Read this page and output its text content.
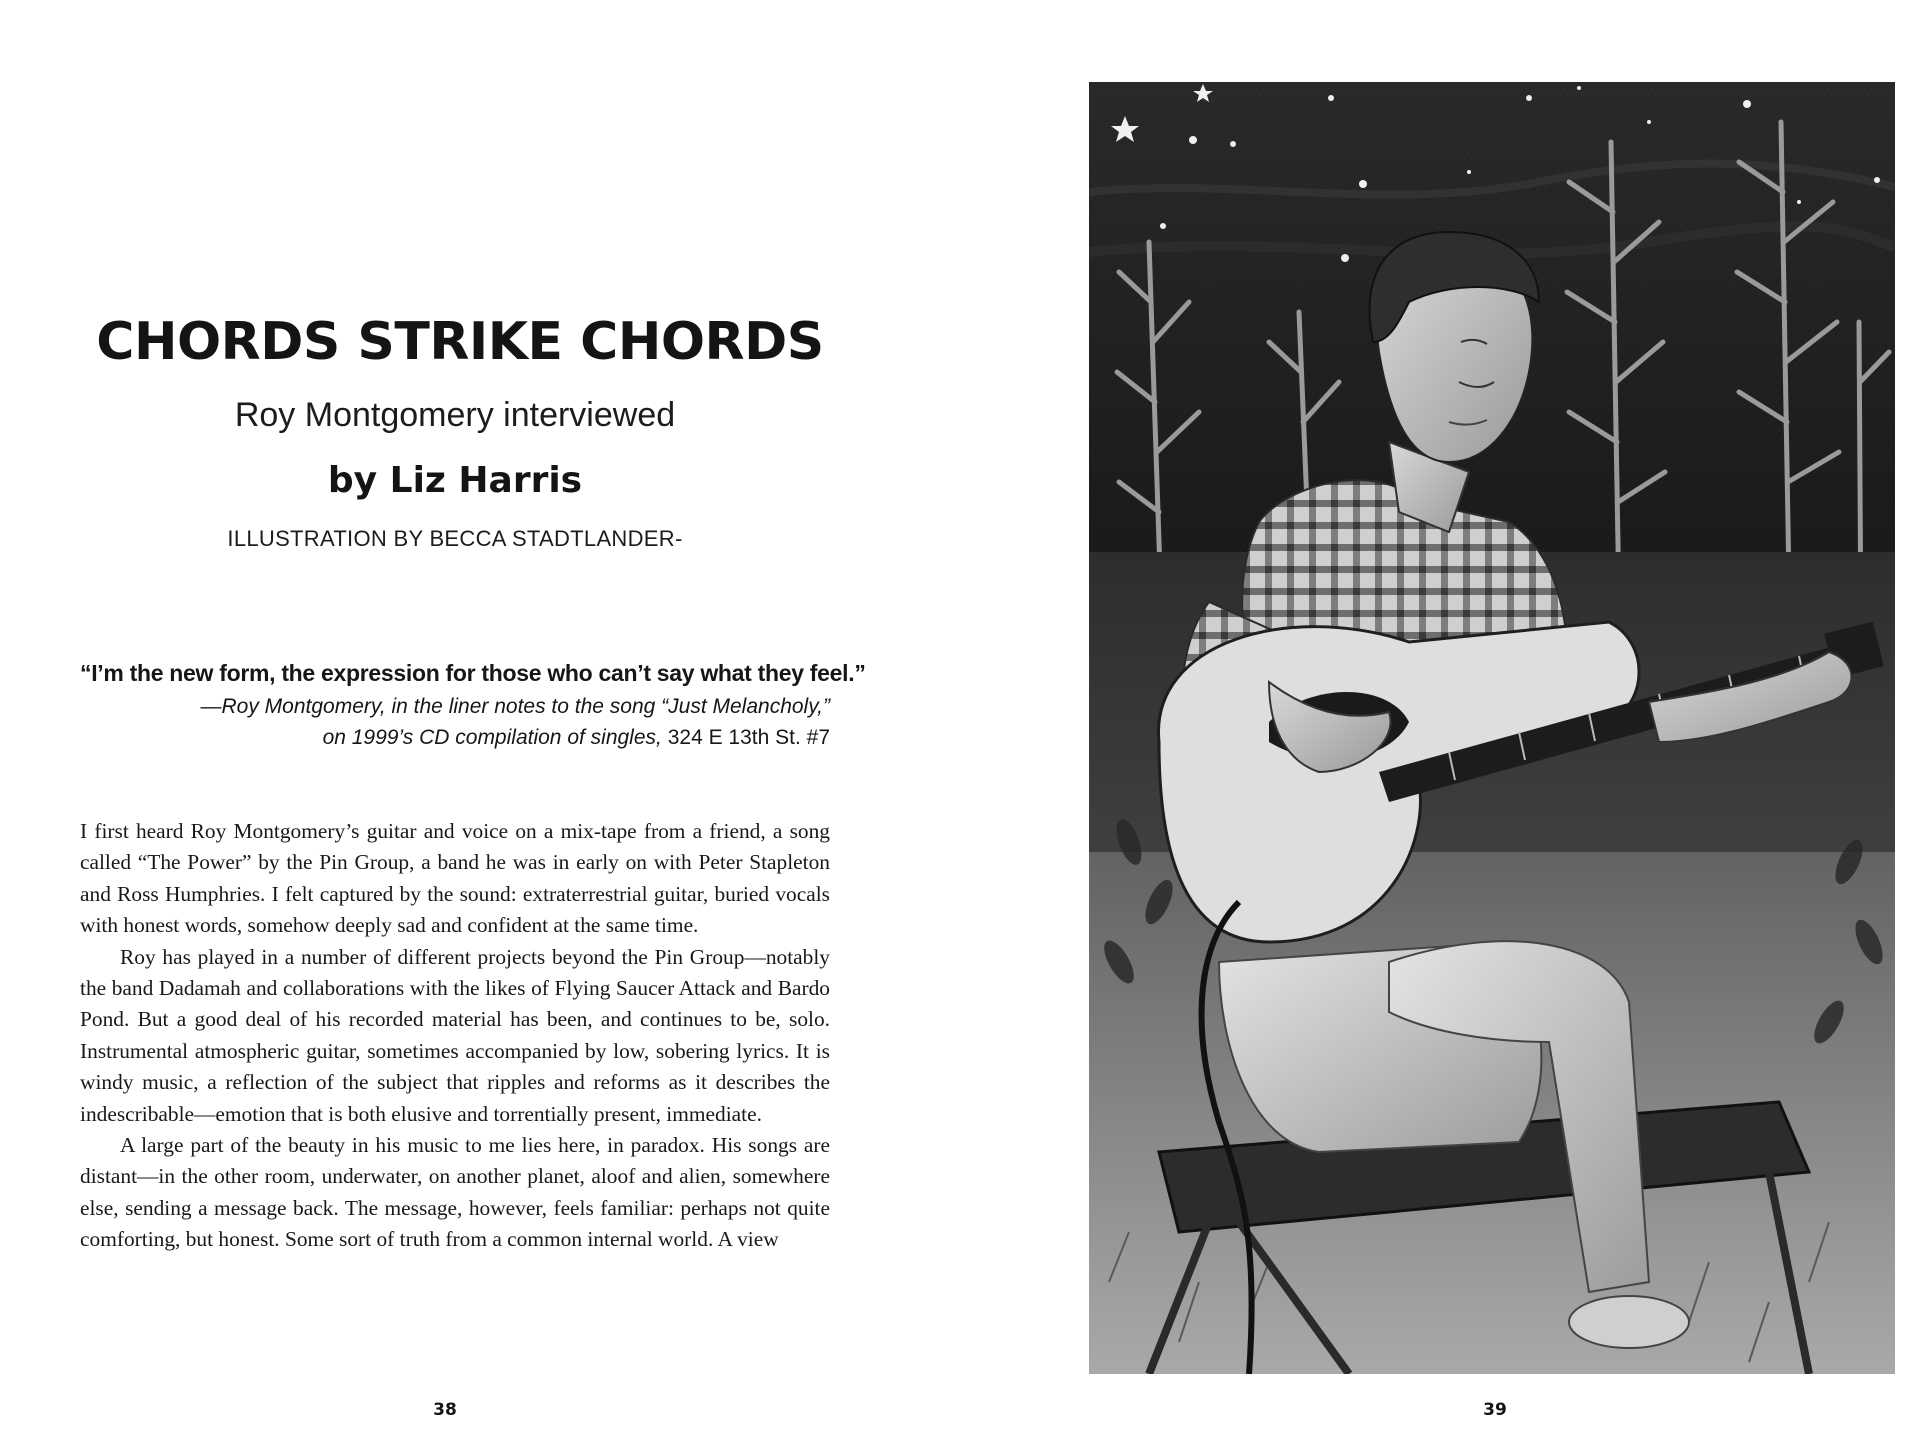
CHORDS STRIKE CHORDS
Roy Montgomery interviewed
by Liz Harris
ILLUSTRATION BY BECCA STADTLANDER-
“I’m the new form, the expression for those who can’t say what they feel.”
—Roy Montgomery, in the liner notes to the song “Just Melancholy,”
on 1999’s CD compilation of singles, 324 E 13th St. #7

I first heard Roy Montgomery’s guitar and voice on a mix-tape from a friend, a song called “The Power” by the Pin Group, a band he was in early on with Peter Stapleton and Ross Humphries. I felt captured by the sound: extraterrestrial guitar, buried vocals with honest words, somehow deeply sad and confident at the same time.

Roy has played in a number of different projects beyond the Pin Group—notably the band Dadamah and collaborations with the likes of Flying Saucer Attack and Bardo Pond. But a good deal of his recorded material has been, and continues to be, solo. Instrumental atmospheric guitar, sometimes accompanied by low, sobering lyrics. It is windy music, a reflection of the subject that ripples and reforms as it describes the indescribable—emotion that is both elusive and torrentially present, immediate.

A large part of the beauty in his music to me lies here, in paradox. His songs are distant—in the other room, underwater, on another planet, aloof and alien, somewhere else, sending a message back. The message, however, feels familiar: perhaps not quite comforting, but honest. Some sort of truth from a common internal world. A view

38	39
